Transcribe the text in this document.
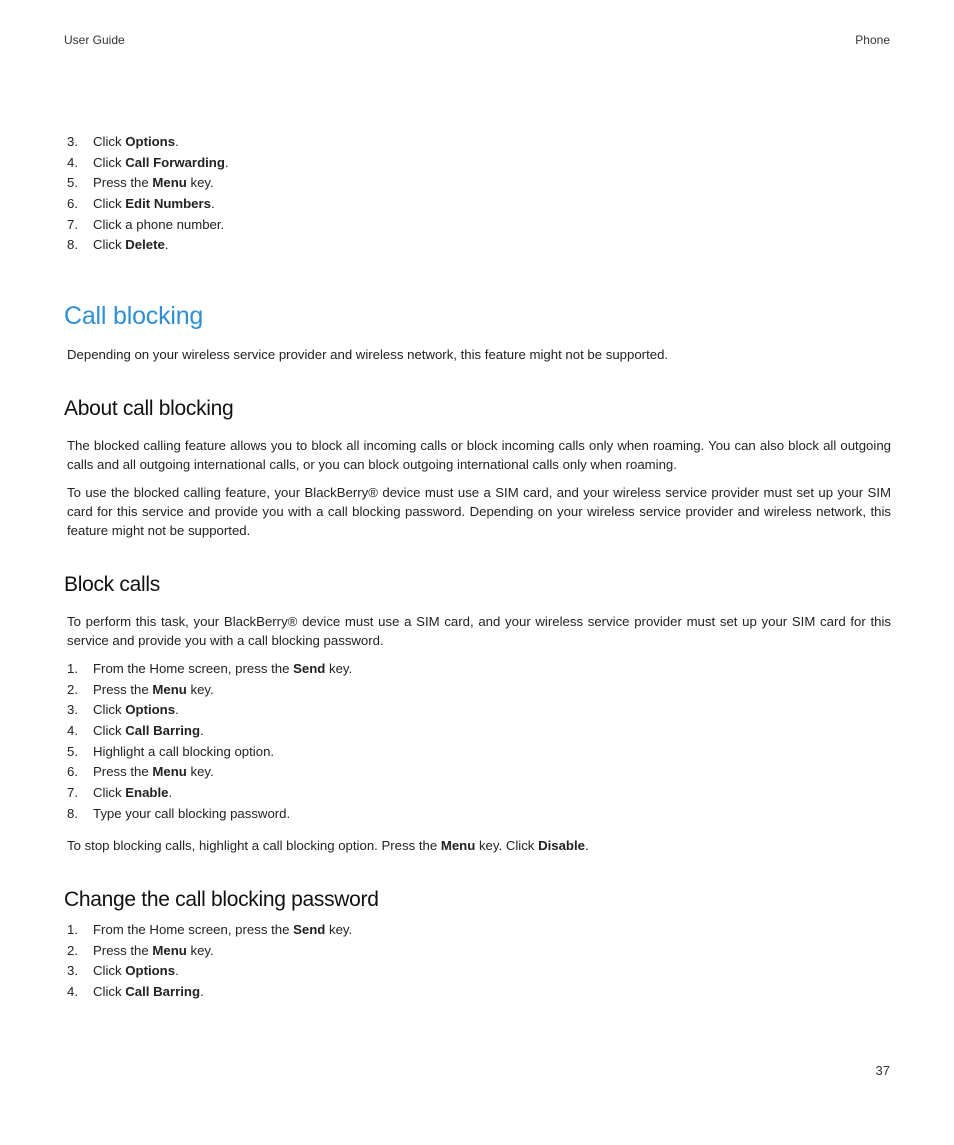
User Guide	Phone
3. Click Options.
4. Click Call Forwarding.
5. Press the Menu key.
6. Click Edit Numbers.
7. Click a phone number.
8. Click Delete.
Call blocking

Depending on your wireless service provider and wireless network, this feature might not be supported.

About call blocking

The blocked calling feature allows you to block all incoming calls or block incoming calls only when roaming. You can also block all outgoing calls and all outgoing international calls, or you can block outgoing international calls only when roaming.

To use the blocked calling feature, your BlackBerry® device must use a SIM card, and your wireless service provider must set up your SIM card for this service and provide you with a call blocking password. Depending on your wireless service provider and wireless network, this feature might not be supported.

Block calls

To perform this task, your BlackBerry® device must use a SIM card, and your wireless service provider must set up your SIM card for this service and provide you with a call blocking password.

1. From the Home screen, press the Send key.
2. Press the Menu key.
3. Click Options.
4. Click Call Barring.
5. Highlight a call blocking option.
6. Press the Menu key.
7. Click Enable.
8. Type your call blocking password.

To stop blocking calls, highlight a call blocking option. Press the Menu key. Click Disable.

Change the call blocking password
1. From the Home screen, press the Send key.
2. Press the Menu key.
3. Click Options.
4. Click Call Barring.
37
